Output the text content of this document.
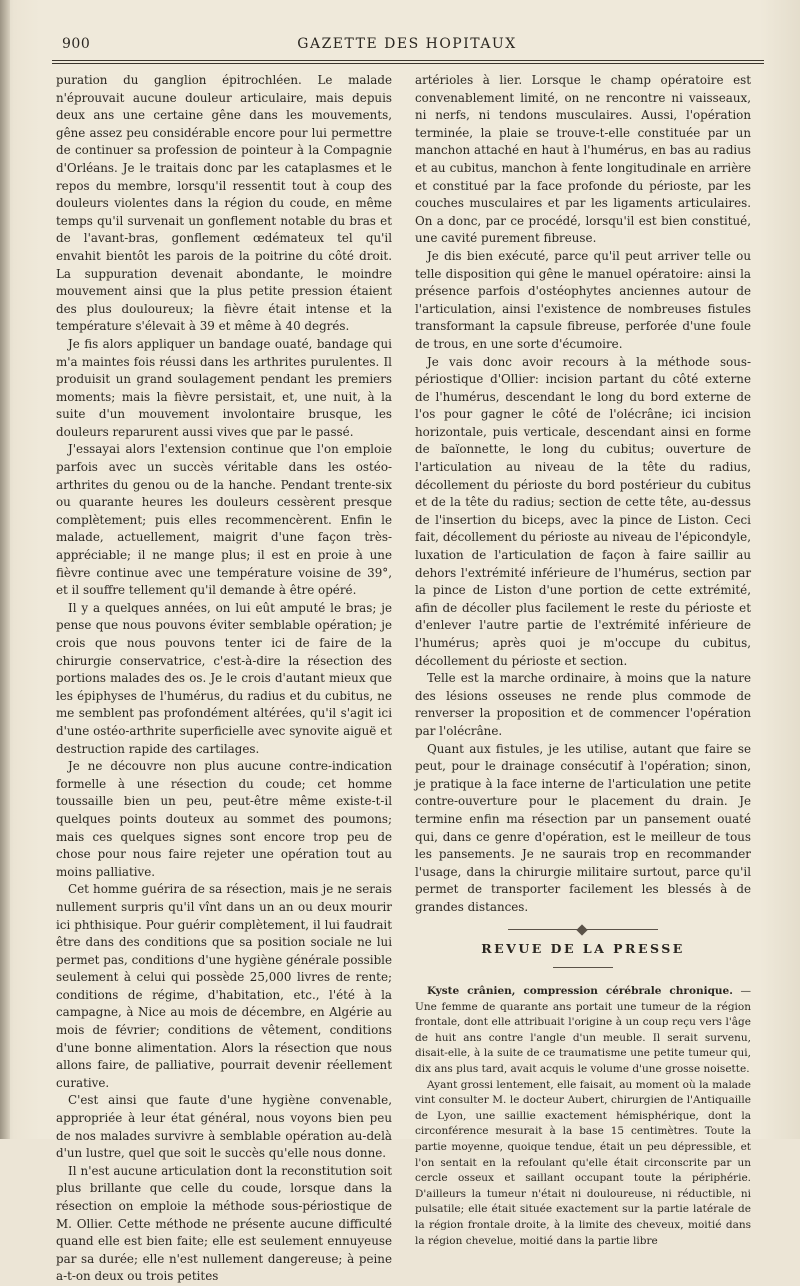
900	GAZETTE DES HOPITAUX

puration du ganglion épitrochléen. Le malade n'éprouvait aucune douleur articulaire, mais depuis deux ans une certaine gêne dans les mouvements, gêne assez peu considérable encore pour lui permettre de continuer sa profession de pointeur à la Compagnie d'Orléans. Je le traitais donc par les cataplasmes et le repos du membre, lorsqu'il ressentit tout à coup des douleurs violentes dans la région du coude, en même temps qu'il survenait un gonflement notable du bras et de l'avant-bras, gonflement œdémateux tel qu'il envahit bientôt les parois de la poitrine du côté droit. La suppuration devenait abondante, le moindre mouvement ainsi que la plus petite pression étaient des plus douloureux; la fièvre était intense et la température s'élevait à 39 et même à 40 degrés.

Je fis alors appliquer un bandage ouaté, bandage qui m'a maintes fois réussi dans les arthrites purulentes. Il produisit un grand soulagement pendant les premiers moments; mais la fièvre persistait, et, une nuit, à la suite d'un mouvement involontaire brusque, les douleurs reparurent aussi vives que par le passé.

J'essayai alors l'extension continue que l'on emploie parfois avec un succès véritable dans les ostéo-arthrites du genou ou de la hanche. Pendant trente-six ou quarante heures les douleurs cessèrent presque complètement; puis elles recommencèrent. Enfin le malade, actuellement, maigrit d'une façon très-appréciable; il ne mange plus; il est en proie à une fièvre continue avec une température voisine de 39°, et il souffre tellement qu'il demande à être opéré.

Il y a quelques années, on lui eût amputé le bras; je pense que nous pouvons éviter semblable opération; je crois que nous pouvons tenter ici de faire de la chirurgie conservatrice, c'est-à-dire la résection des portions malades des os. Je le crois d'autant mieux que les épiphyses de l'humérus, du radius et du cubitus, ne me semblent pas profondément altérées, qu'il s'agit ici d'une ostéo-arthrite superficielle avec synovite aiguë et destruction rapide des cartilages.

Je ne découvre non plus aucune contre-indication formelle à une résection du coude; cet homme toussaille bien un peu, peut-être même existe-t-il quelques points douteux au sommet des poumons; mais ces quelques signes sont encore trop peu de chose pour nous faire rejeter une opération tout au moins palliative.

Cet homme guérira de sa résection, mais je ne serais nullement surpris qu'il vînt dans un an ou deux mourir ici phthisique. Pour guérir complètement, il lui faudrait être dans des conditions que sa position sociale ne lui permet pas, conditions d'une hygiène générale possible seulement à celui qui possède 25,000 livres de rente; conditions de régime, d'habitation, etc., l'été à la campagne, à Nice au mois de décembre, en Algérie au mois de février; conditions de vêtement, conditions d'une bonne alimentation. Alors la résection que nous allons faire, de palliative, pourrait devenir réellement curative.

C'est ainsi que faute d'une hygiène convenable, appropriée à leur état général, nous voyons bien peu de nos malades survivre à semblable opération au-delà d'un lustre, quel que soit le succès qu'elle nous donne.

Il n'est aucune articulation dont la reconstitution soit plus brillante que celle du coude, lorsque dans la résection on emploie la méthode sous-périostique de M. Ollier. Cette méthode ne présente aucune difficulté quand elle est bien faite; elle est seulement ennuyeuse par sa durée; elle n'est nullement dangereuse; à peine a-t-on deux ou trois petites

artérioles à lier. Lorsque le champ opératoire est convenablement limité, on ne rencontre ni vaisseaux, ni nerfs, ni tendons musculaires. Aussi, l'opération terminée, la plaie se trouve-t-elle constituée par un manchon attaché en haut à l'humérus, en bas au radius et au cubitus, manchon à fente longitudinale en arrière et constitué par la face profonde du périoste, par les couches musculaires et par les ligaments articulaires. On a donc, par ce procédé, lorsqu'il est bien constitué, une cavité purement fibreuse.

Je dis bien exécuté, parce qu'il peut arriver telle ou telle disposition qui gêne le manuel opératoire: ainsi la présence parfois d'ostéophytes anciennes autour de l'articulation, ainsi l'existence de nombreuses fistules transformant la capsule fibreuse, perforée d'une foule de trous, en une sorte d'écumoire.

Je vais donc avoir recours à la méthode sous-périostique d'Ollier: incision partant du côté externe de l'humérus, descendant le long du bord externe de l'os pour gagner le côté de l'olécrâne; ici incision horizontale, puis verticale, descendant ainsi en forme de baïonnette, le long du cubitus; ouverture de l'articulation au niveau de la tête du radius, décollement du périoste du bord postérieur du cubitus et de la tête du radius; section de cette tête, au-dessus de l'insertion du biceps, avec la pince de Liston. Ceci fait, décollement du périoste au niveau de l'épicondyle, luxation de l'articulation de façon à faire saillir au dehors l'extrémité inférieure de l'humérus, section par la pince de Liston d'une portion de cette extrémité, afin de décoller plus facilement le reste du périoste et d'enlever l'autre partie de l'extrémité inférieure de l'humérus; après quoi je m'occupe du cubitus, décollement du périoste et section.

Telle est la marche ordinaire, à moins que la nature des lésions osseuses ne rende plus commode de renverser la proposition et de commencer l'opération par l'olécrâne.

Quant aux fistules, je les utilise, autant que faire se peut, pour le drainage consécutif à l'opération; sinon, je pratique à la face interne de l'articulation une petite contre-ouverture pour le placement du drain. Je termine enfin ma résection par un pansement ouaté qui, dans ce genre d'opération, est le meilleur de tous les pansements. Je ne saurais trop en recommander l'usage, dans la chirurgie militaire surtout, parce qu'il permet de transporter facilement les blessés à de grandes distances.

REVUE DE LA PRESSE

Kyste crânien, compression cérébrale chronique. — Une femme de quarante ans portait une tumeur de la région frontale, dont elle attribuait l'origine à un coup reçu vers l'âge de huit ans contre l'angle d'un meuble. Il serait survenu, disait-elle, à la suite de ce traumatisme une petite tumeur qui, dix ans plus tard, avait acquis le volume d'une grosse noisette.

Ayant grossi lentement, elle faisait, au moment où la malade vint consulter M. le docteur Aubert, chirurgien de l'Antiquaille de Lyon, une saillie exactement hémisphérique, dont la circonférence mesurait à la base 15 centimètres. Toute la partie moyenne, quoique tendue, était un peu dépressible, et l'on sentait en la refoulant qu'elle était circonscrite par un cercle osseux et saillant occupant toute la périphérie. D'ailleurs la tumeur n'était ni douloureuse, ni réductible, ni pulsatile; elle était située exactement sur la partie latérale de la région frontale droite, à la limite des cheveux, moitié dans la région chevelue, moitié dans la partie libre
